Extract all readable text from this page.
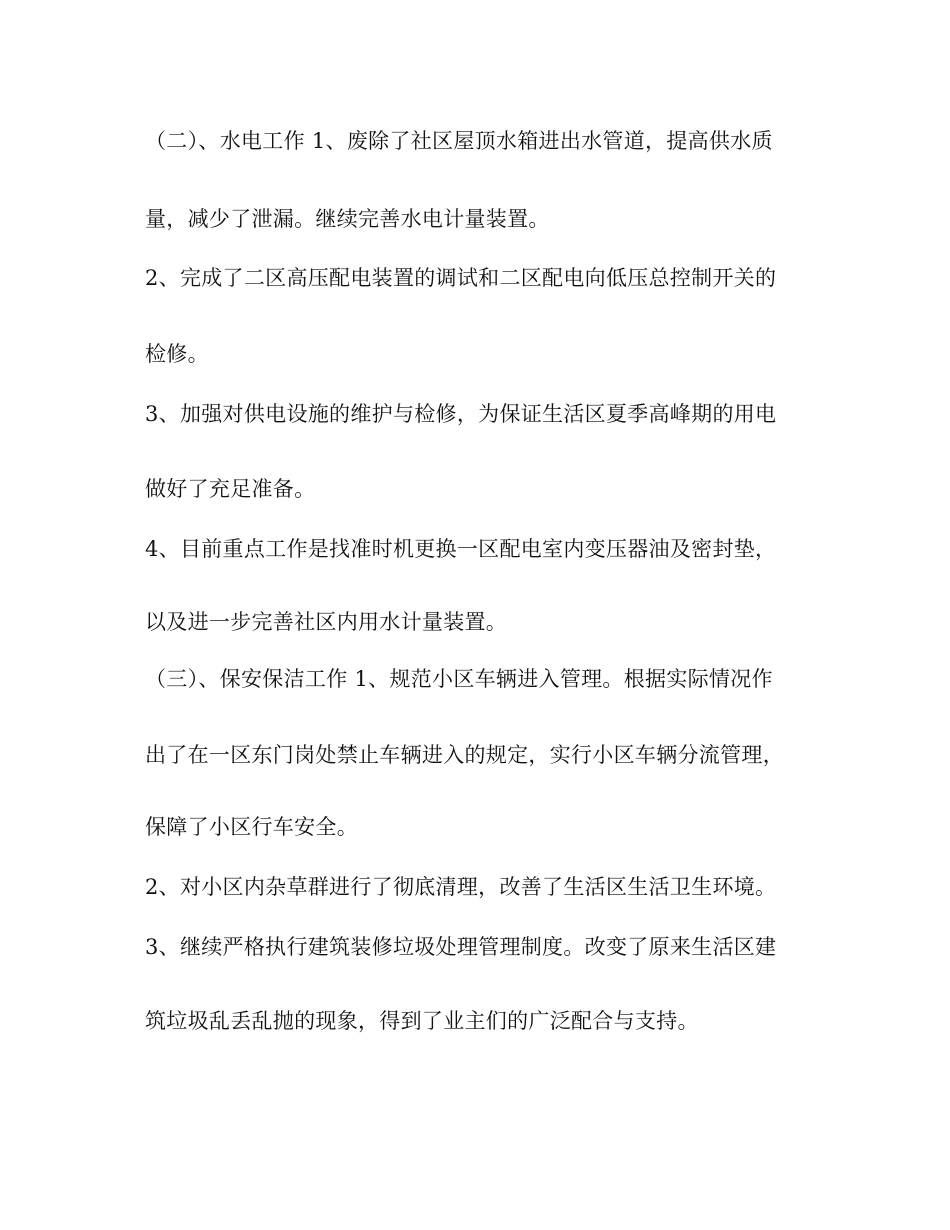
（二）、水电工作 1、废除了社区屋顶水箱进出水管道，提高供水质
量，减少了泄漏。继续完善水电计量装置。
2、完成了二区高压配电装置的调试和二区配电向低压总控制开关的
检修。
3、加强对供电设施的维护与检修，为保证生活区夏季高峰期的用电
做好了充足准备。
4、目前重点工作是找准时机更换一区配电室内变压器油及密封垫，
以及进一步完善社区内用水计量装置。
（三）、保安保洁工作 1、规范小区车辆进入管理。根据实际情况作
出了在一区东门岗处禁止车辆进入的规定，实行小区车辆分流管理，
保障了小区行车安全。
2、对小区内杂草群进行了彻底清理，改善了生活区生活卫生环境。
3、继续严格执行建筑装修垃圾处理管理制度。改变了原来生活区建
筑垃圾乱丢乱抛的现象，得到了业主们的广泛配合与支持。
